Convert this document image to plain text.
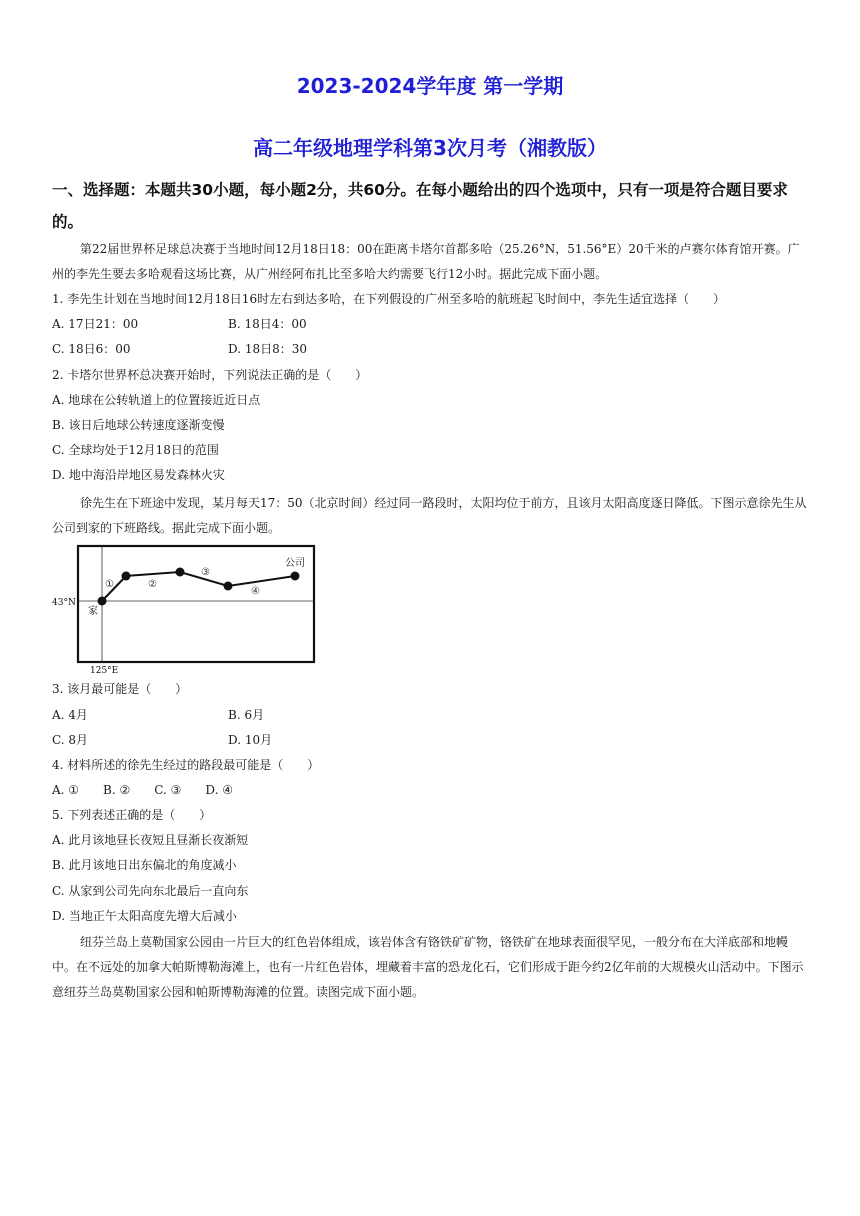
2023-2024学年度 第一学期
高二年级地理学科第3次月考（湘教版）
一、选择题：本题共30小题，每小题2分，共60分。在每小题给出的四个选项中，只有一项是符合题目要求的。
第22届世界杯足球总决赛于当地时间12月18日18：00在距离卡塔尔首都多哈（25.26°N，51.56°E）20千米的卢赛尔体育馆开赛。广州的李先生要去多哈观看这场比赛，从广州经阿布扎比至多哈大约需要飞行12小时。据此完成下面小题。
1. 李先生计划在当地时间12月18日16时左右到达多哈，在下列假设的广州至多哈的航班起飞时间中，李先生适宜选择（　　）
A. 17日21：00	B. 18日4：00
C. 18日6：00	D. 18日8：30
2. 卡塔尔世界杯总决赛开始时，下列说法正确的是（　　）
A. 地球在公转轨道上的位置接近近日点
B. 该日后地球公转速度逐渐变慢
C. 全球均处于12月18日的范围
D. 地中海沿岸地区易发森林火灾
徐先生在下班途中发现，某月每天17：50（北京时间）经过同一路段时，太阳均位于前方，且该月太阳高度逐日降低。下图示意徐先生从公司到家的下班路线。据此完成下面小题。
43°N
125°E
家
公司
①	②
③
④
3. 该月最可能是（　　）
A. 4月	B. 6月
C. 8月	D. 10月
4. 材料所述的徐先生经过的路段最可能是（　　）
A. ①　　B. ②　　C. ③　　D. ④
5. 下列表述正确的是（　　）
A. 此月该地昼长夜短且昼渐长夜渐短
B. 此月该地日出东偏北的角度减小
C. 从家到公司先向东北最后一直向东
D. 当地正午太阳高度先增大后减小
纽芬兰岛上莫勒国家公园由一片巨大的红色岩体组成，该岩体含有铬铁矿矿物，铬铁矿在地球表面很罕见，一般分布在大洋底部和地幔中。在不远处的加拿大帕斯博勒海滩上，也有一片红色岩体，埋藏着丰富的恐龙化石，它们形成于距今约2亿年前的大规模火山活动中。下图示意纽芬兰岛莫勒国家公园和帕斯博勒海滩的位置。读图完成下面小题。
